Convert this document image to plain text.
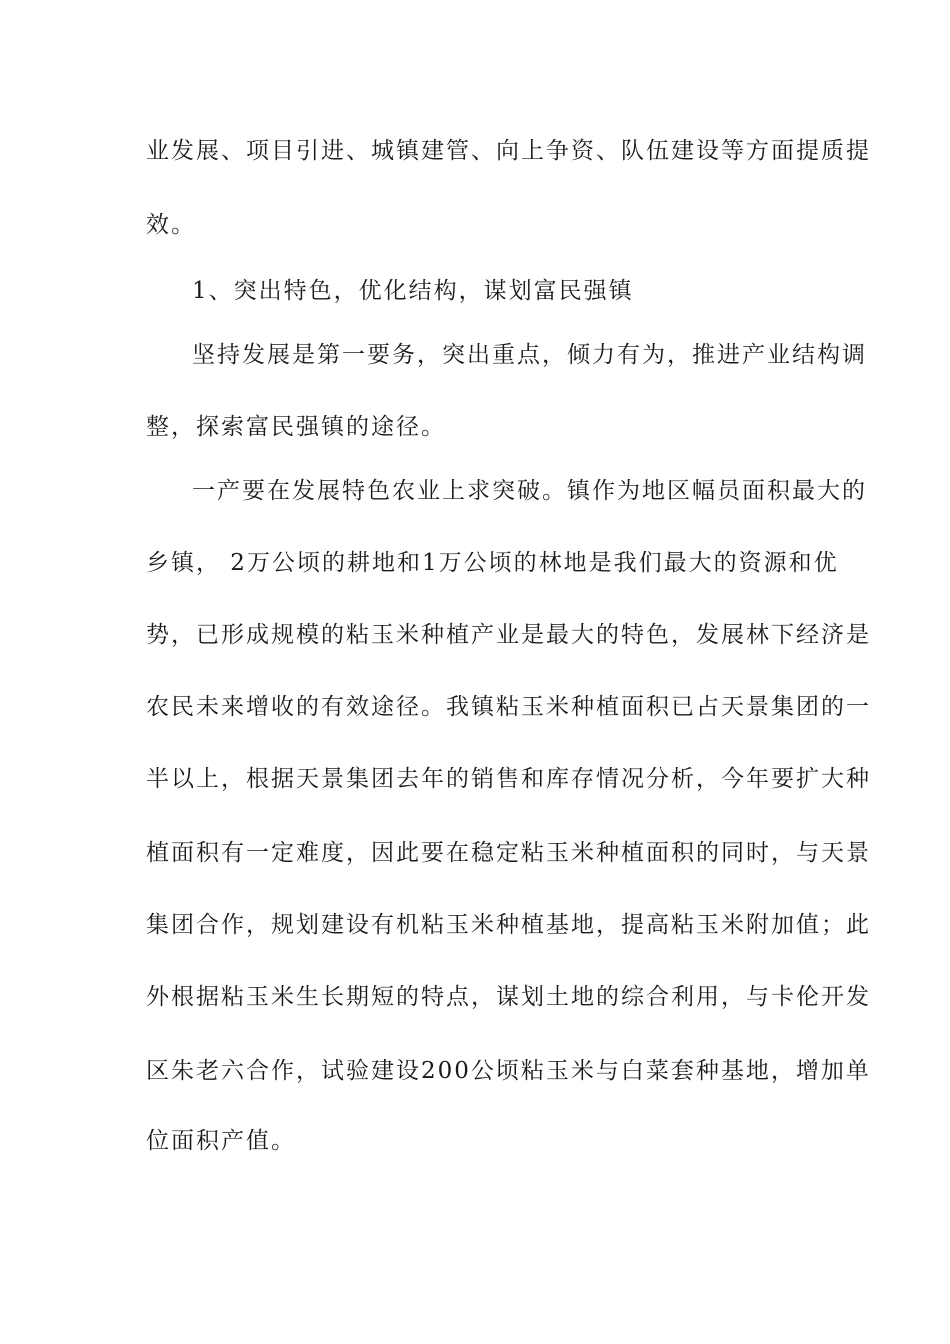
业发展、项目引进、城镇建管、向上争资、队伍建设等方面提质提
效。
1、突出特色，优化结构，谋划富民强镇
坚持发展是第一要务，突出重点，倾力有为，推进产业结构调
整，探索富民强镇的途径。
一产要在发展特色农业上求突破。镇作为地区幅员面积最大的
乡镇， 2万公顷的耕地和1万公顷的林地是我们最大的资源和优
势，已形成规模的粘玉米种植产业是最大的特色，发展林下经济是
农民未来增收的有效途径。我镇粘玉米种植面积已占天景集团的一
半以上，根据天景集团去年的销售和库存情况分析，今年要扩大种
植面积有一定难度，因此要在稳定粘玉米种植面积的同时，与天景
集团合作，规划建设有机粘玉米种植基地，提高粘玉米附加值；此
外根据粘玉米生长期短的特点，谋划土地的综合利用，与卡伦开发
区朱老六合作，试验建设200公顷粘玉米与白菜套种基地，增加单
位面积产值。
